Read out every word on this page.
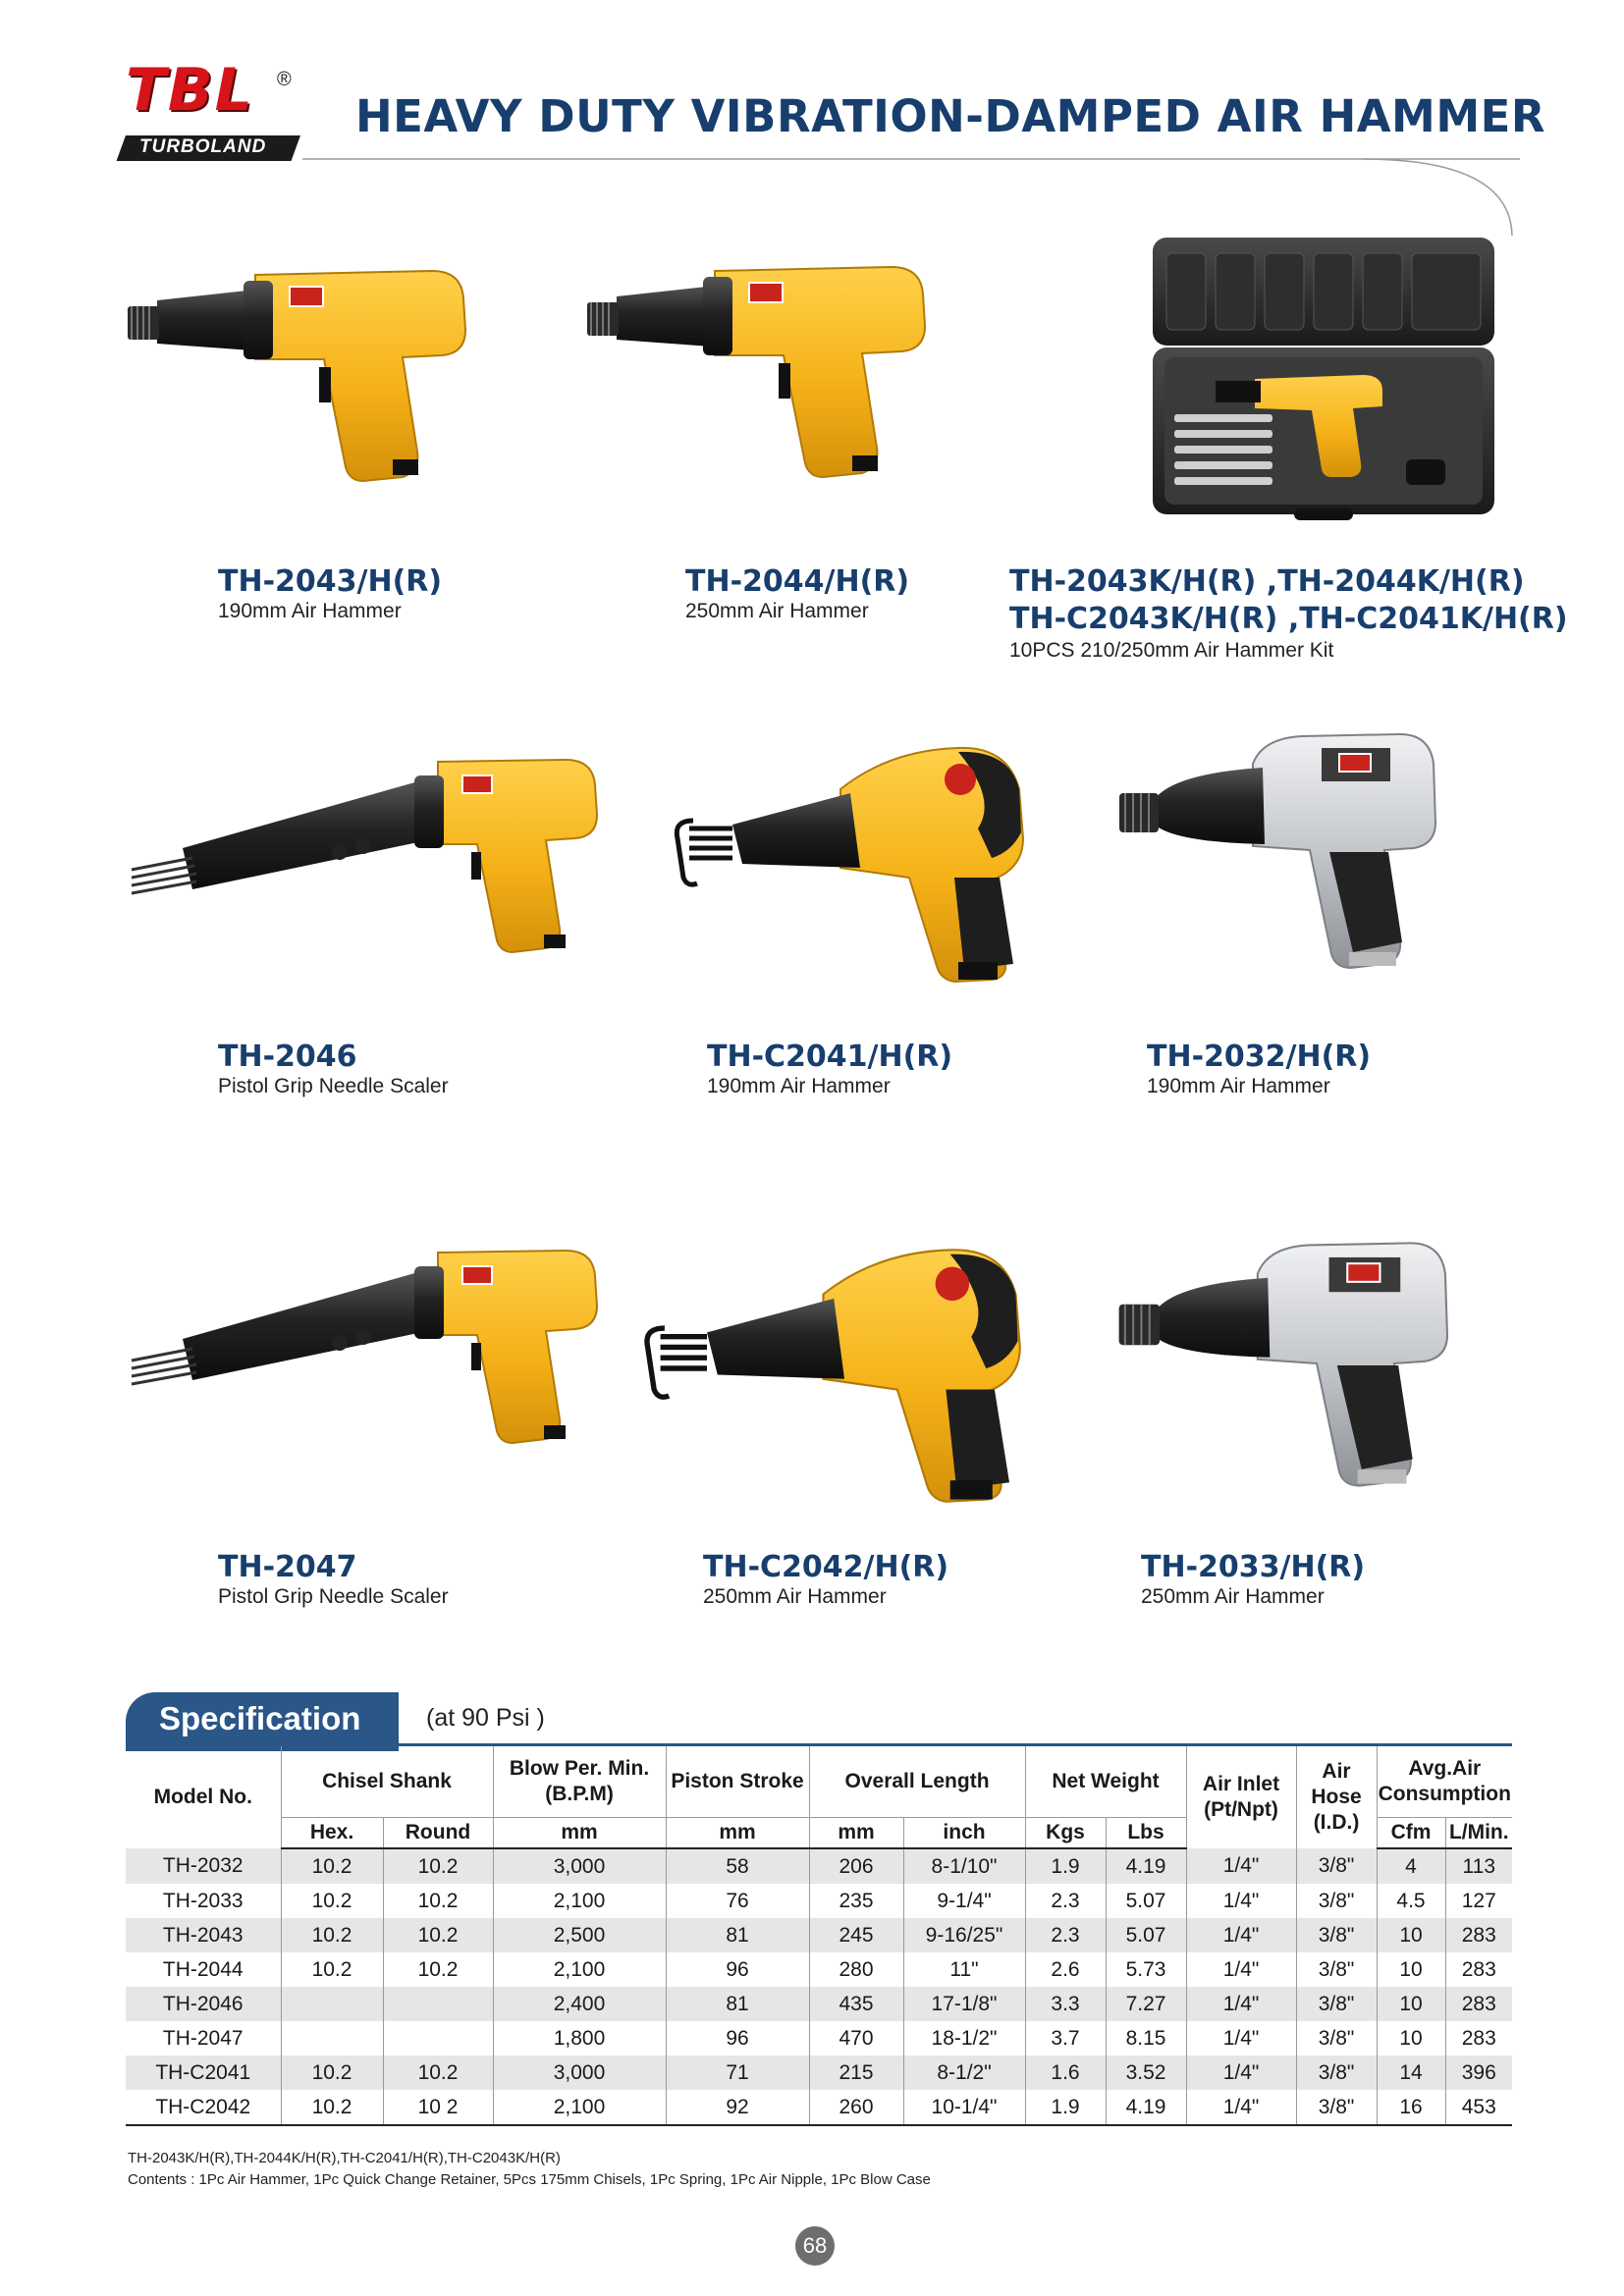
TBL ®
TURBOLAND
HEAVY DUTY VIBRATION-DAMPED AIR HAMMER
TH-2043/H(R)
190mm Air Hammer
TH-2044/H(R)
250mm Air Hammer
TH-2043K/H(R) ,TH-2044K/H(R)
TH-C2043K/H(R) ,TH-C2041K/H(R)
10PCS 210/250mm Air Hammer Kit
TH-2046
Pistol Grip Needle Scaler
TH-C2041/H(R)
190mm Air Hammer
TH-2032/H(R)
190mm Air Hammer
TH-2047
Pistol Grip Needle Scaler
TH-C2042/H(R)
250mm Air Hammer
TH-2033/H(R)
250mm Air Hammer
Specification	(at 90 Psi )
Model No.	Chisel Shank		Blow Per. Min.(B.P.M)	Piston Stroke	Overall Length		Net Weight		Air Inlet (Pt/Npt)	Air Hose (I.D.)	Avg.Air Consumption	
	Hex.	Round	mm	mm	mm	inch	Kgs	Lbs			Cfm	L/Min.
TH-2032	10.2	10.2	3,000	58	206	8-1/10"	1.9	4.19	1/4"	3/8"	4	113
TH-2033	10.2	10.2	2,100	76	235	9-1/4"	2.3	5.07	1/4"	3/8"	4.5	127
TH-2043	10.2	10.2	2,500	81	245	9-16/25"	2.3	5.07	1/4"	3/8"	10	283
TH-2044	10.2	10.2	2,100	96	280	11"	2.6	5.73	1/4"	3/8"	10	283
TH-2046			2,400	81	435	17-1/8"	3.3	7.27	1/4"	3/8"	10	283
TH-2047			1,800	96	470	18-1/2"	3.7	8.15	1/4"	3/8"	10	283
TH-C2041	10.2	10.2	3,000	71	215	8-1/2"	1.6	3.52	1/4"	3/8"	14	396
TH-C2042	10.2	10 2	2,100	92	260	10-1/4"	1.9	4.19	1/4"	3/8"	16	453
TH-2043K/H(R),TH-2044K/H(R),TH-C2041/H(R),TH-C2043K/H(R)
Contents : 1Pc Air Hammer, 1Pc Quick Change Retainer, 5Pcs 175mm Chisels, 1Pc Spring, 1Pc Air Nipple, 1Pc Blow Case
68
